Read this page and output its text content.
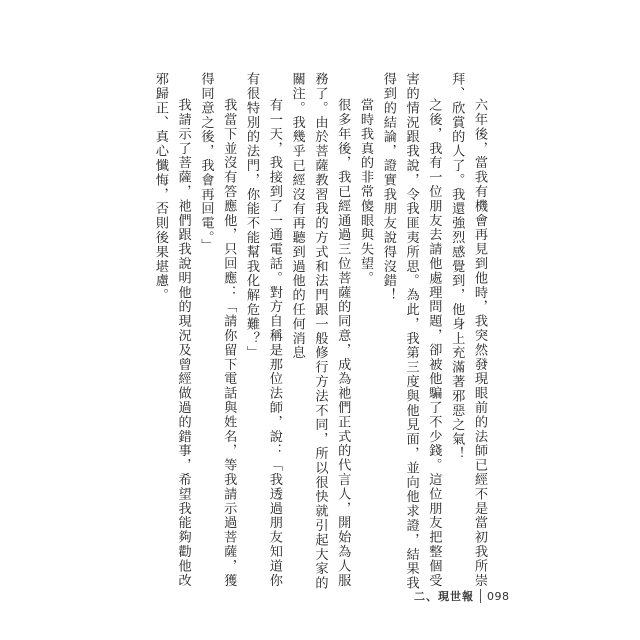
六年後，當我有機會再見到他時，我突然發現眼前的法師已經不是當初我所崇拜、欣賞的人了。我還強烈感覺到，他身上充滿著邪惡之氣！

之後，我有一位朋友去請他處理問題，卻被他騙了不少錢。這位朋友把整個受害的情況跟我說，令我匪夷所思。為此，我第三度與他見面，並向他求證，結果我得到的結論，證實我朋友說得沒錯！

當時我真的非常傻眼與失望。

很多年後，我已經通過三位菩薩的同意，成為祂們正式的代言人，開始為人服務了。由於菩薩教習我的方式和法門跟一般修行方法不同，所以很快就引起大家的關注。我幾乎已經沒有再聽到過他的任何消息

有一天，我接到了一通電話。對方自稱是那位法師，說：「我透過朋友知道你有很特別的法門，你能不能幫我化解危難？」

我當下並沒有答應他，只回應：「請你留下電話與姓名，等我請示過菩薩，獲得同意之後，我會再回電。」

我請示了菩薩，祂們跟我說明他的現況及曾經做過的錯事，希望我能夠勸他改邪歸正、真心懺悔，否則後果堪慮。

二、現世報 098
